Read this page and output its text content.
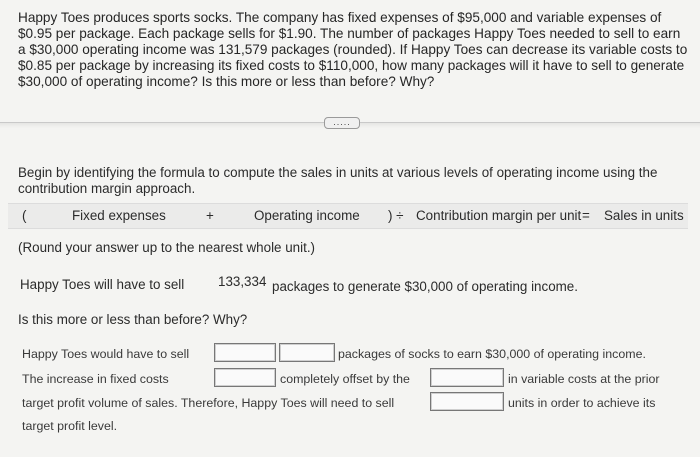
Happy Toes produces sports socks. The company has fixed expenses of $95,000 and variable expenses of $0.95 per package. Each package sells for $1.90. The number of packages Happy Toes needed to sell to earn a $30,000 operating income was 131,579 packages (rounded). If Happy Toes can decrease its variable costs to $0.85 per package by increasing its fixed costs to $110,000, how many packages will it have to sell to generate $30,000 of operating income? Is this more or less than before? Why?
.....
Begin by identifying the formula to compute the sales in units at various levels of operating income using the contribution margin approach.
(	Fixed expenses	+	Operating income ) ÷ Contribution margin per unit = Sales in units
(Round your answer up to the nearest whole unit.)
Happy Toes will have to sell	133,334 packages to generate $30,000 of operating income.
Is this more or less than before? Why?
Happy Toes would have to sell	packages of socks to earn $30,000 of operating income.
The increase in fixed costs	completely offset by the	in variable costs at the prior
target profit volume of sales. Therefore, Happy Toes will need to sell	units in order to achieve its
target profit level.
